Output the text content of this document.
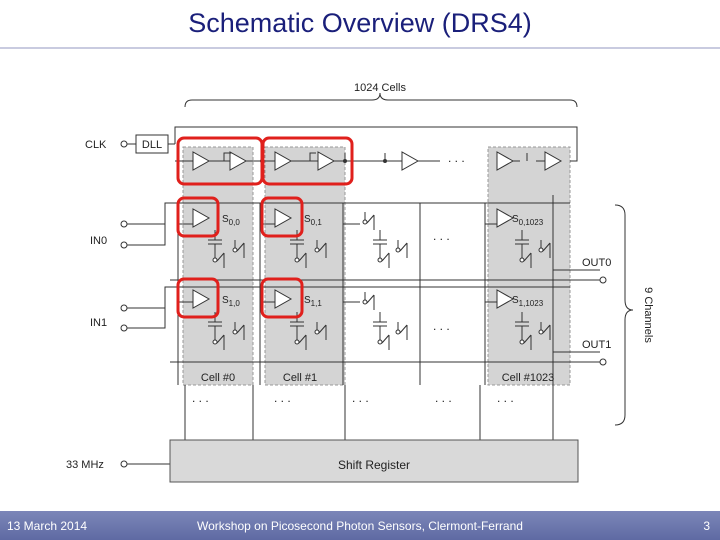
Schematic Overview (DRS4)
1024 Cells
CLK	DLL
. . .
IN0
$S_{0,0}$	$S_{0,1}$	$S_{0,1023}$
. . .
OUT0
IN1
$S_{1,0}$	$S_{1,1}$	$S_{1,1023}$
. . .
OUT1
Cell #0	Cell #1	Cell #1023
. . .	. . .	. . .	. . .	. . .
9 Channels
33 MHz	Shift Register
13 March 2014	Workshop on Picosecond Photon Sensors, Clermont-Ferrand	3
